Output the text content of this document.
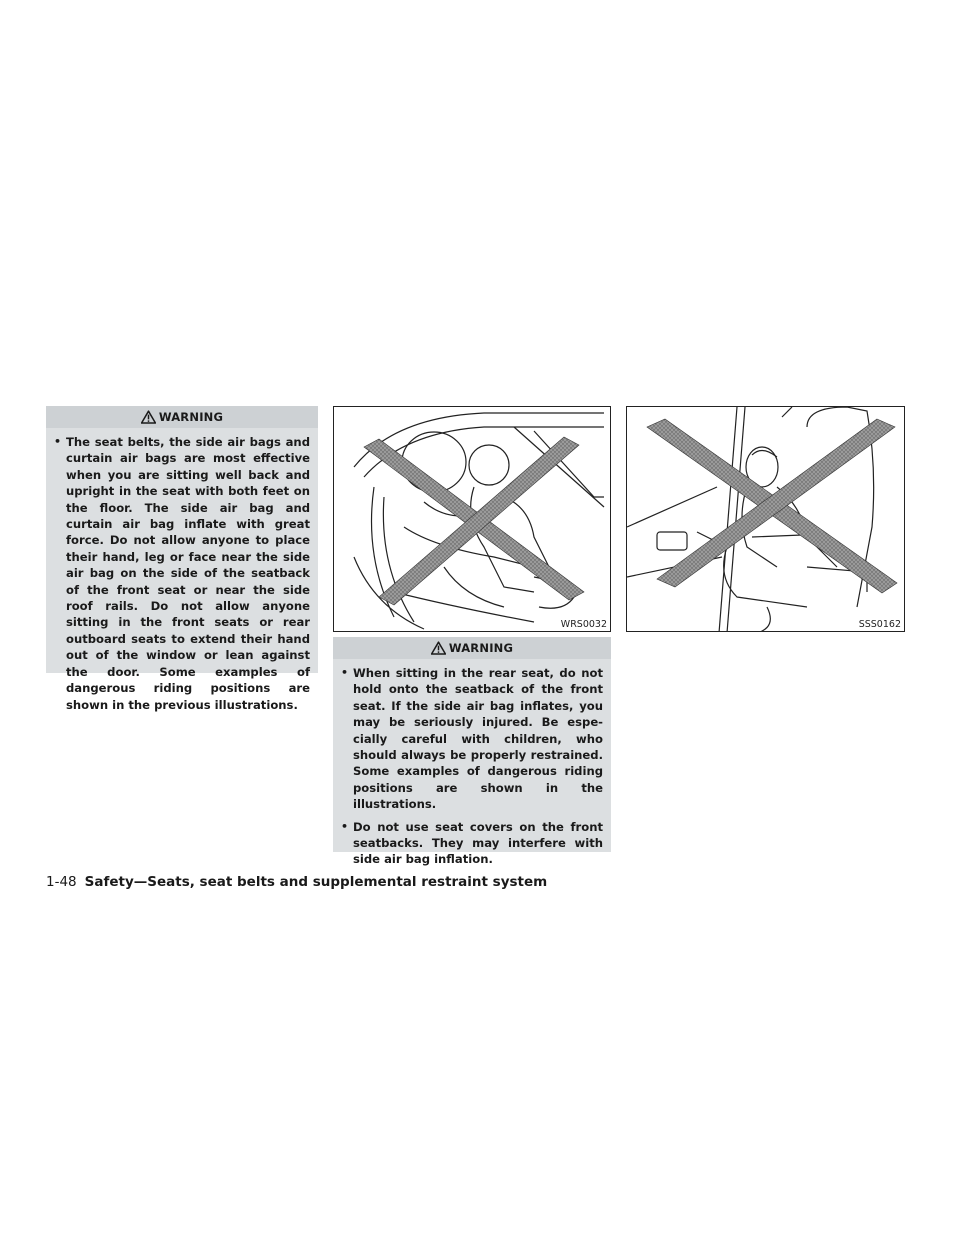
WARNING
• The seat belts, the side air bags and curtain air bags are most effective when you are sitting well back and upright in the seat with both feet on the floor. The side air bag and curtain air bag inflate with great force. Do not allow anyone to place their hand, leg or face near the side air bag on the side of the seatback of the front seat or near the side roof rails. Do not allow anyone sitting in the front seats or rear outboard seats to extend their hand out of the window or lean against the door. Some examples of dangerous riding positions are shown in the previous illustrations.
WRS0032	SSS0162
WARNING
• When sitting in the rear seat, do not hold onto the seatback of the front seat. If the side air bag inflates, you may be seriously injured. Be espe- cially careful with children, who should always be properly restrained. Some examples of dangerous riding positions are shown in the illustrations.
• Do not use seat covers on the front seatbacks. They may interfere with side air bag inflation.
1-48 Safety—Seats, seat belts and supplemental restraint system
